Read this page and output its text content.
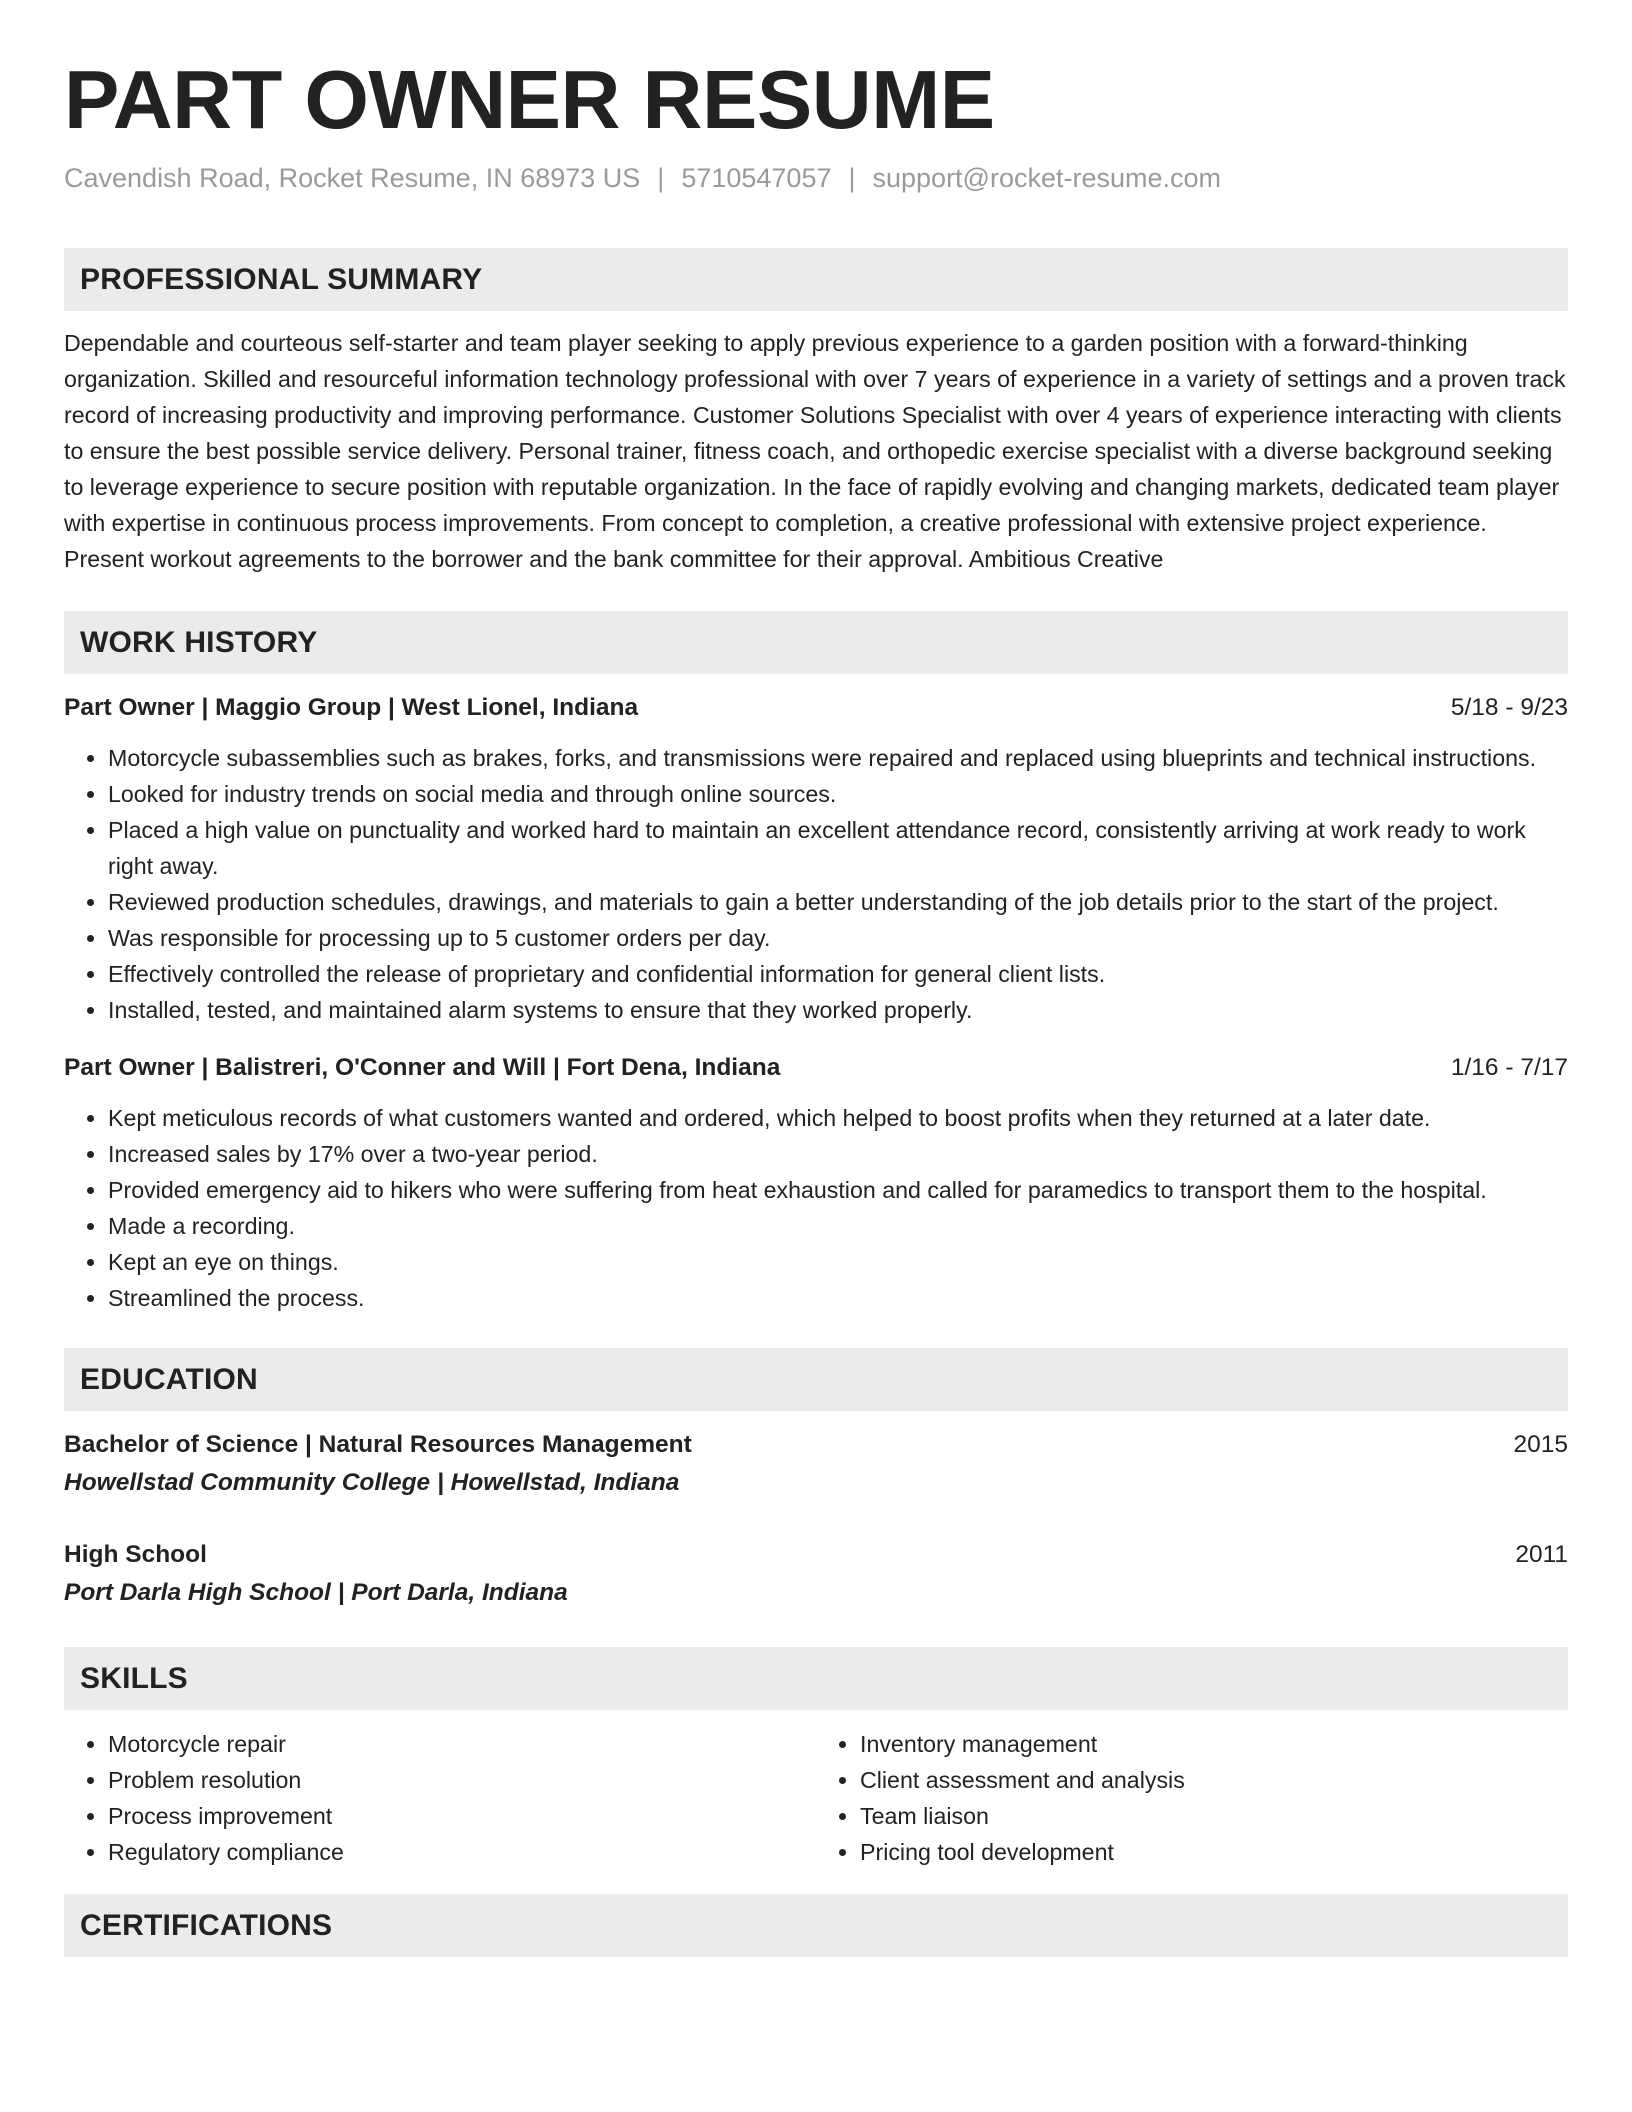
PART OWNER RESUME
Cavendish Road, Rocket Resume, IN 68973 US | 5710547057 | support@rocket-resume.com
PROFESSIONAL SUMMARY

Dependable and courteous self-starter and team player seeking to apply previous experience to a garden position with a forward-thinking organization. Skilled and resourceful information technology professional with over 7 years of experience in a variety of settings and a proven track record of increasing productivity and improving performance. Customer Solutions Specialist with over 4 years of experience interacting with clients to ensure the best possible service delivery. Personal trainer, fitness coach, and orthopedic exercise specialist with a diverse background seeking to leverage experience to secure position with reputable organization. In the face of rapidly evolving and changing markets, dedicated team player with expertise in continuous process improvements. From concept to completion, a creative professional with extensive project experience. Present workout agreements to the borrower and the bank committee for their approval. Ambitious Creative

WORK HISTORY
Part Owner | Maggio Group | West Lionel, Indiana	5/18 - 9/23
• Motorcycle subassemblies such as brakes, forks, and transmissions were repaired and replaced using blueprints and technical instructions.
• Looked for industry trends on social media and through online sources.
• Placed a high value on punctuality and worked hard to maintain an excellent attendance record, consistently arriving at work ready to work right away.
• Reviewed production schedules, drawings, and materials to gain a better understanding of the job details prior to the start of the project.
• Was responsible for processing up to 5 customer orders per day.
• Effectively controlled the release of proprietary and confidential information for general client lists.
• Installed, tested, and maintained alarm systems to ensure that they worked properly.
Part Owner | Balistreri, O'Conner and Will | Fort Dena, Indiana	1/16 - 7/17
• Kept meticulous records of what customers wanted and ordered, which helped to boost profits when they returned at a later date.
• Increased sales by 17% over a two-year period.
• Provided emergency aid to hikers who were suffering from heat exhaustion and called for paramedics to transport them to the hospital.
• Made a recording.
• Kept an eye on things.
• Streamlined the process.
EDUCATION
Bachelor of Science | Natural Resources Management	2015
Howellstad Community College | Howellstad, Indiana
High School	2011
Port Darla High School | Port Darla, Indiana
SKILLS
• Motorcycle repair
• Problem resolution
• Process improvement
• Regulatory compliance
• Inventory management
• Client assessment and analysis
• Team liaison
• Pricing tool development
CERTIFICATIONS
